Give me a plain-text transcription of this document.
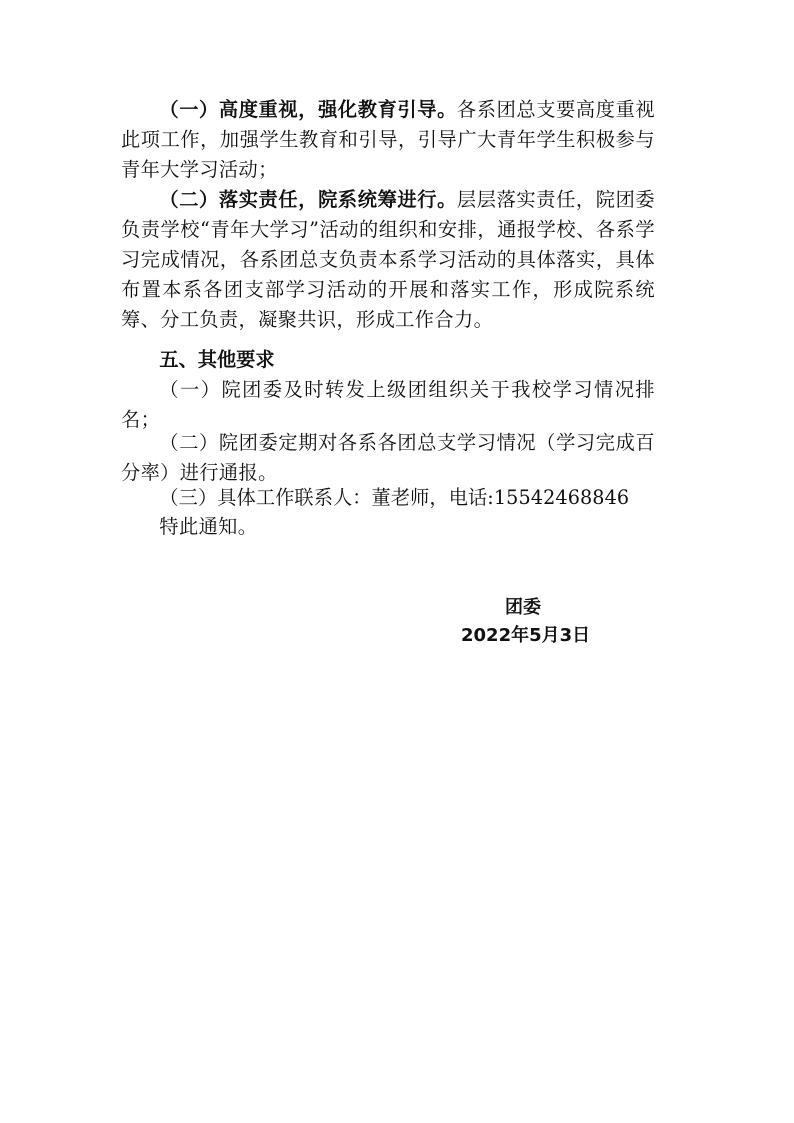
（一）高度重视，强化教育引导。各系团总支要高度重视此项工作，加强学生教育和引导，引导广大青年学生积极参与青年大学习活动；

（二）落实责任，院系统筹进行。层层落实责任，院团委负责学校“青年大学习”活动的组织和安排，通报学校、各系学习完成情况，各系团总支负责本系学习活动的具体落实，具体布置本系各团支部学习活动的开展和落实工作，形成院系统筹、分工负责，凝聚共识，形成工作合力。

五、其他要求

（一）院团委及时转发上级团组织关于我校学习情况排名；

（二）院团委定期对各系各团总支学习情况（学习完成百分率）进行通报。

（三）具体工作联系人：董老师，电话:15542468846

特此通知。

团委

2022年5月3日
